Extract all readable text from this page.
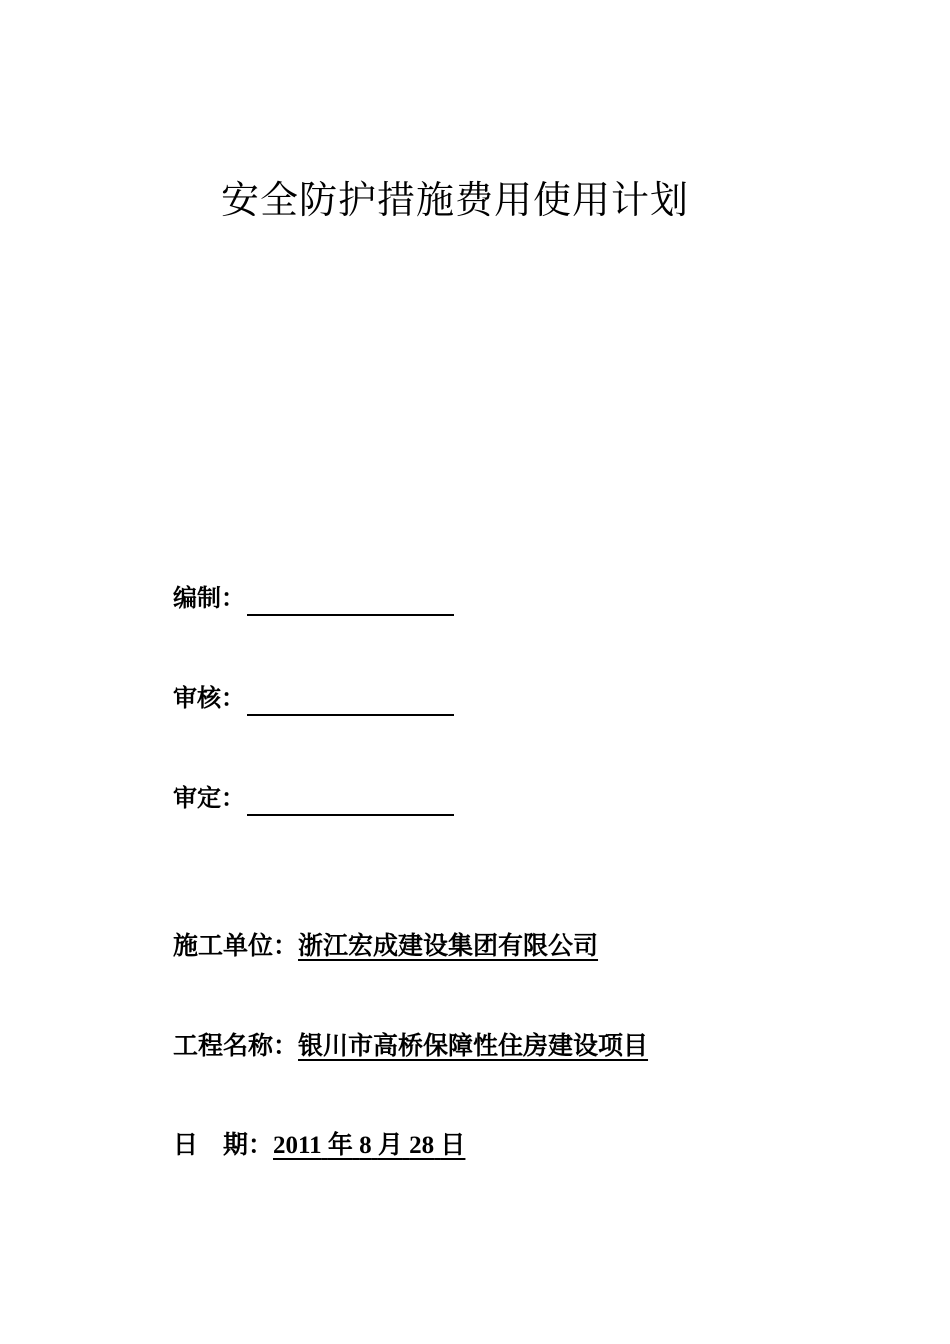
安全防护措施费用使用计划
编制：
审核：
审定：
施工单位：浙江宏成建设集团有限公司
工程名称：银川市高桥保障性住房建设项目
日　期：2011 年 8 月 28 日
